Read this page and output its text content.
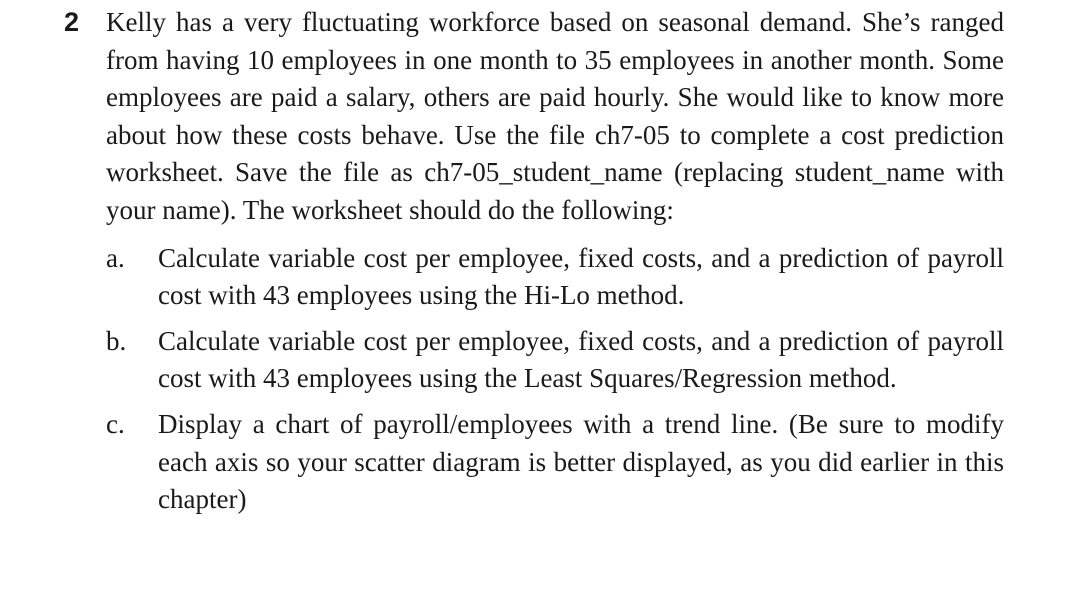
2 Kelly has a very fluctuating workforce based on seasonal demand. She’s ranged from having 10 employees in one month to 35 employees in another month. Some employees are paid a salary, others are paid hourly. She would like to know more about how these costs behave. Use the file ch7-05 to complete a cost prediction worksheet. Save the file as ch7-05_student_name (replacing student_name with your name). The worksheet should do the following:

a.	Calculate variable cost per employee, fixed costs, and a prediction of payroll cost with 43 employees using the Hi-Lo method.

b.	Calculate variable cost per employee, fixed costs, and a prediction of payroll cost with 43 employees using the Least Squares/Regression method.

c.	Display a chart of payroll/employees with a trend line. (Be sure to modify each axis so your scatter diagram is better displayed, as you did earlier in this chapter)
